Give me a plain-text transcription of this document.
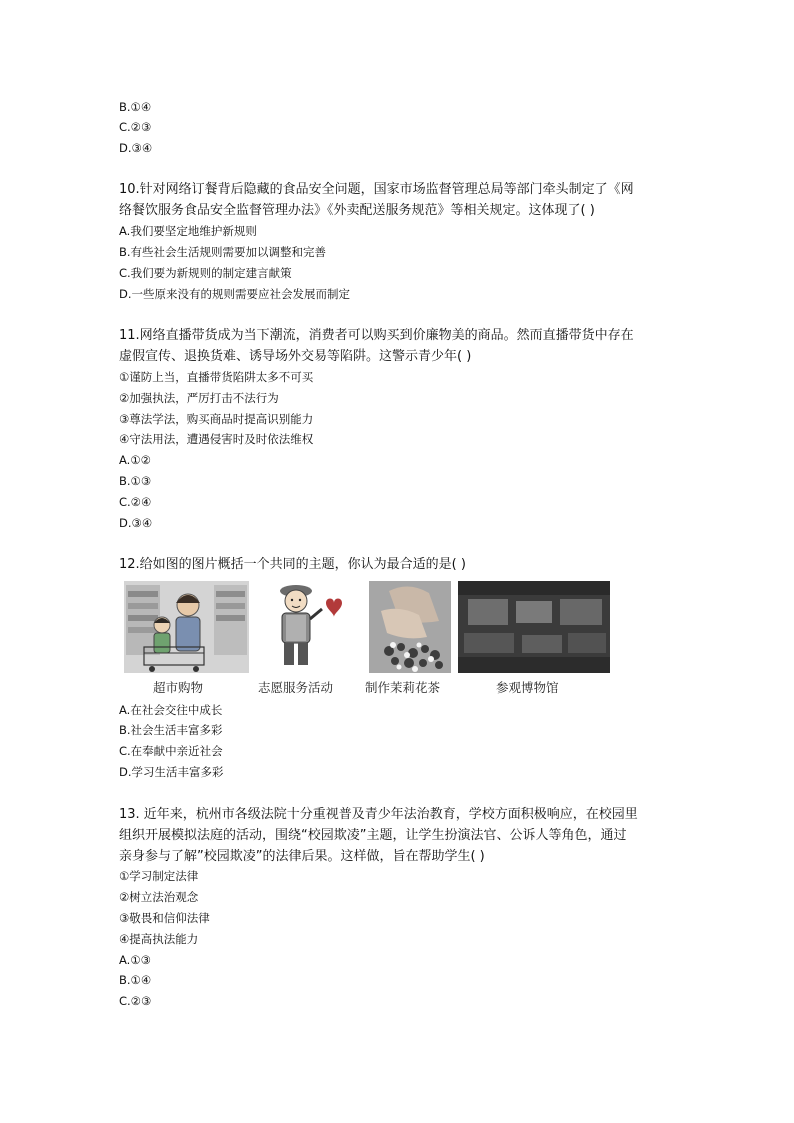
B.①④
C.②③
D.③④
10.针对网络订餐背后隐藏的食品安全问题，国家市场监督管理总局等部门牵头制定了《网
络餐饮服务食品安全监督管理办法》《外卖配送服务规范》等相关规定。这体现了( )
A.我们要坚定地维护新规则
B.有些社会生活规则需要加以调整和完善
C.我们要为新规则的制定建言献策
D.一些原来没有的规则需要应社会发展而制定
11.网络直播带货成为当下潮流，消费者可以购买到价廉物美的商品。然而直播带货中存在
虚假宣传、退换货难、诱导场外交易等陷阱。这警示青少年( )
①谨防上当，直播带货陷阱太多不可买
②加强执法，严厉打击不法行为
③尊法学法，购买商品时提高识别能力
④守法用法，遭遇侵害时及时依法维权
A.①②
B.①③
C.②④
D.③④
12.给如图的图片概括一个共同的主题，你认为最合适的是( )
超市购物	志愿服务活动	制作茉莉花茶	参观博物馆
A.在社会交往中成长
B.社会生活丰富多彩
C.在奉献中亲近社会
D.学习生活丰富多彩
13. 近年来，杭州市各级法院十分重视普及青少年法治教育，学校方面积极响应，在校园里
组织开展模拟法庭的活动，围绕“校园欺凌”主题，让学生扮演法官、公诉人等角色，通过
亲身参与了解”校园欺凌”的法律后果。这样做，旨在帮助学生( )
①学习制定法律
②树立法治观念
③敬畏和信仰法律
④提高执法能力
A.①③
B.①④
C.②③
